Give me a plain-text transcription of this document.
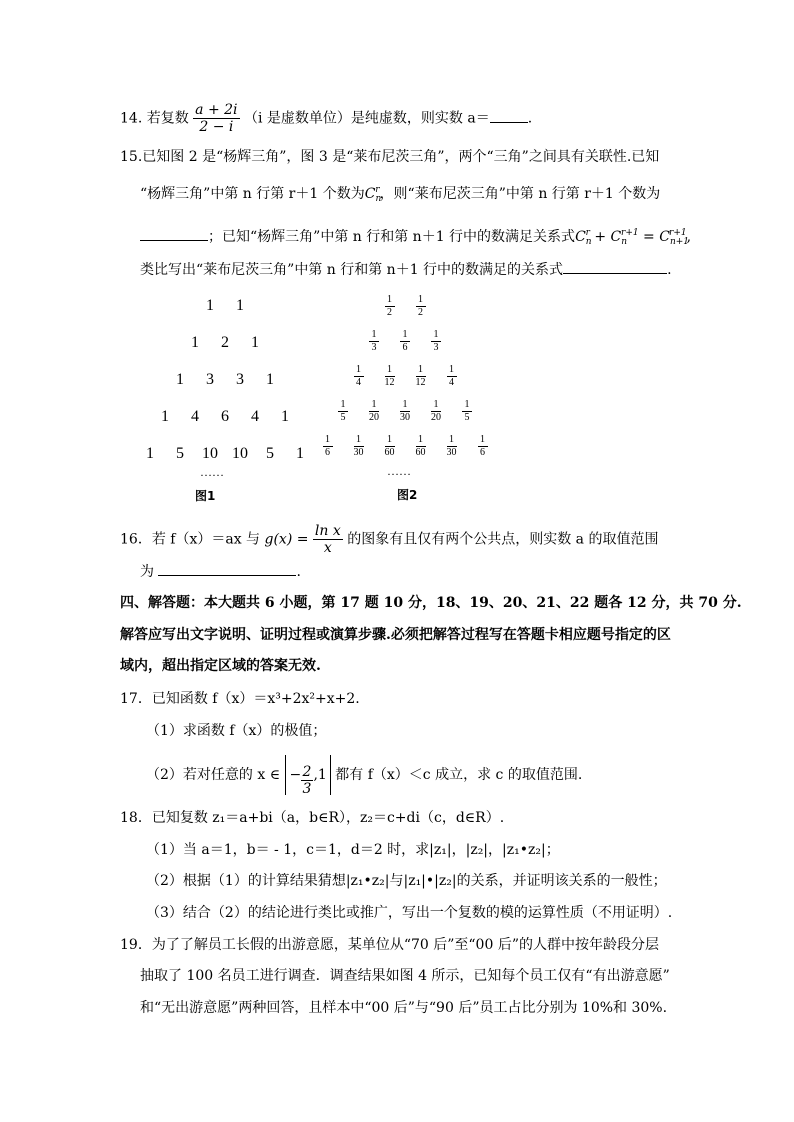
14. 若复数 $\frac{a + 2i}{2 - i} (i$ 是虚数单位）是纯虚数，则实数 a＝	.
15.已知图 2 是“杨辉三角”，图 3 是“莱布尼茨三角”，两个“三角”之间具有关联性.已知
“杨辉三角”中第 n 行第 r＋1 个数为$C_n^r$，则“莱布尼茨三角”中第 n 行第 r＋1 个数为
；已知“杨辉三角”中第 n 行和第 n＋1 行中的数满足关系式$C_n^r + C_n^{r+1} = C_{n+1}^{r+1}$,
类比写出“莱布尼茨三角”中第 n 行和第 n＋1 行中的数满足的关系式	.
1 1
1 2 1
1 3 3 1
1 4 6 4 1
1 5 10 10 5 1
……
图1
$\frac{1}{2} \frac{1}{2}$
$\frac{1}{3} \frac{1}{6} \frac{1}{3}$
$\frac{1}{4} \frac{1}{12} \frac{1}{12} \frac{1}{4}$
$\frac{1}{5} \frac{1}{20} \frac{1}{30} \frac{1}{20} \frac{1}{5}$
$\frac{1}{6} \frac{1}{30} \frac{1}{60} \frac{1}{60} \frac{1}{30} \frac{1}{6}$
……
图2
16．若 f（x）＝ax 与 $g(x) = \frac{\text{ln x}}{x}$ 的图象有且仅有两个公共点，则实数 a 的取值范围
为	.
四、解答题：本大题共 6 小题，第 17 题 10 分，18、19、20、21、22 题各 12 分，共 70 分.
解答应写出文字说明、证明过程或演算步骤.必须把解答过程写在答题卡相应题号指定的区
域内，超出指定区域的答案无效.
17．已知函数 f（x）＝x³+2x²+x+2.
（1）求函数 f（x）的极值；
（2）若对任意的 x ∈ − $\frac{2}{3} ,1$ 都有 f（x）＜c 成立，求 c 的取值范围.
18．已知复数 z₁＝a+bi（a，b∈R），z₂＝c+di（c，d∈R）.
（1）当 a＝1，b＝ - 1，c＝1，d＝2 时，求|z₁|，|z₂|，|z₁•z₂|；
（2）根据（1）的计算结果猜想|z₁•z₂|与|z₁|•|z₂|的关系，并证明该关系的一般性；
（3）结合（2）的结论进行类比或推广，写出一个复数的模的运算性质（不用证明）.
19．为了了解员工长假的出游意愿，某单位从“70 后”至“00 后”的人群中按年龄段分层
抽取了 100 名员工进行调查．调查结果如图 4 所示，已知每个员工仅有“有出游意愿”
和“无出游意愿”两种回答，且样本中“00 后”与“90 后”员工占比分别为 10%和 30%.
